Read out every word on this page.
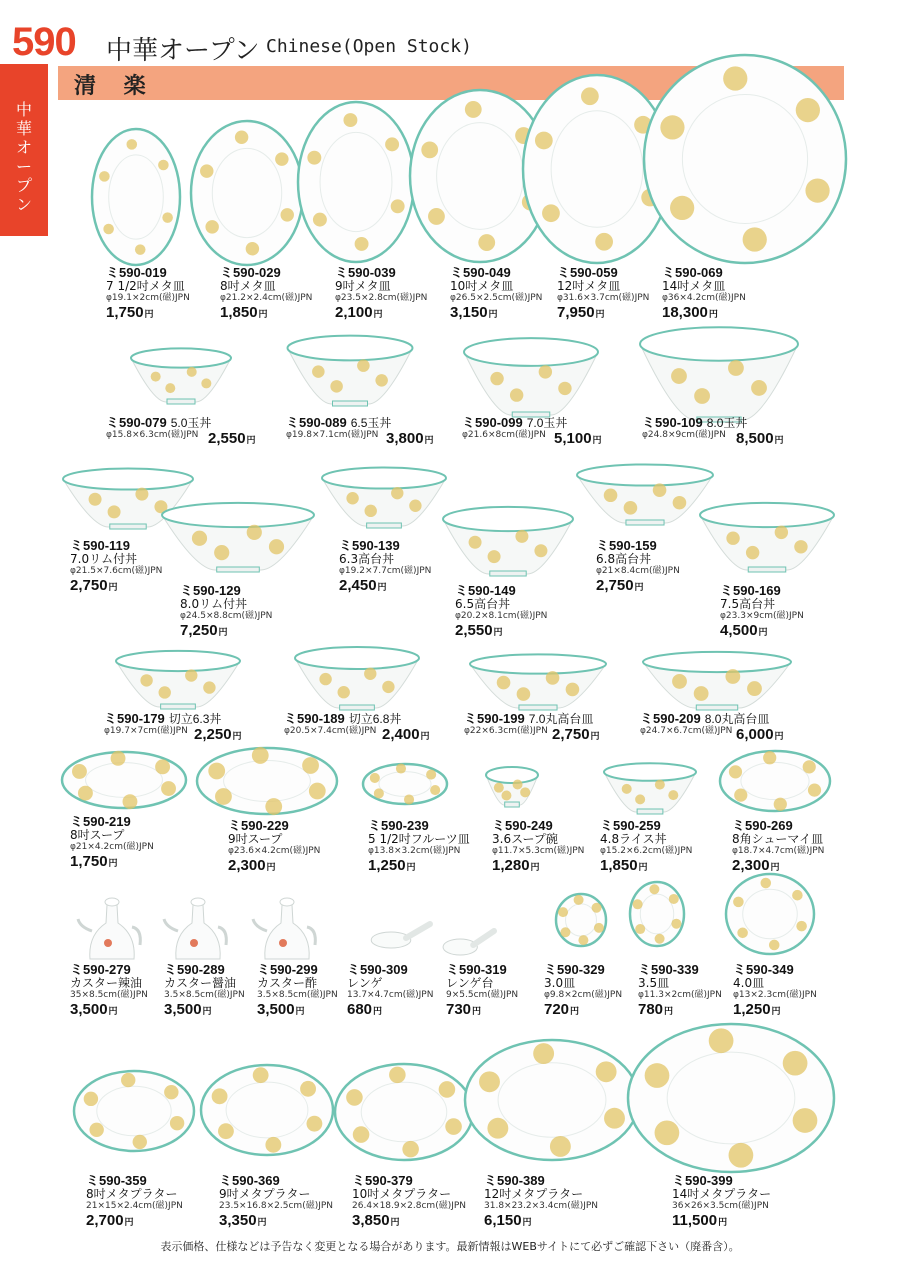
590 中華オープン Chinese(Open Stock)
中華オープン
清 楽
ミ590-019
7 1/2吋メタ皿
φ19.1×2cm(磁)JPN
1,750円
ミ590-029
8吋メタ皿
φ21.2×2.4cm(磁)JPN
1,850円
ミ590-039
9吋メタ皿
φ23.5×2.8cm(磁)JPN
2,100円
ミ590-049
10吋メタ皿
φ26.5×2.5cm(磁)JPN
3,150円
ミ590-059
12吋メタ皿
φ31.6×3.7cm(磁)JPN
7,950円
ミ590-069
14吋メタ皿
φ36×4.2cm(磁)JPN
18,300円
ミ590-079 5.0玉丼
φ15.8×6.3cm(磁)JPN 2,550円
ミ590-089 6.5玉丼
φ19.8×7.1cm(磁)JPN 3,800円
ミ590-099 7.0玉丼
φ21.6×8cm(磁)JPN 5,100円
ミ590-109 8.0玉丼
φ24.8×9cm(磁)JPN 8,500円
ミ590-119
7.0リム付丼
φ21.5×7.6cm(磁)JPN
2,750円	ミ590-129
8.0リム付丼
φ24.5×8.8cm(磁)JPN
7,250円
ミ590-139
6.3高台丼
φ19.2×7.7cm(磁)JPN
2,450円	ミ590-149
6.5高台丼
φ20.2×8.1cm(磁)JPN
2,550円
ミ590-159
6.8高台丼
φ21×8.4cm(磁)JPN
2,750円	ミ590-169
7.5高台丼
φ23.3×9cm(磁)JPN
4,500円
ミ590-179 切立6.3丼
φ19.7×7cm(磁)JPN 2,250円
ミ590-189 切立6.8丼
φ20.5×7.4cm(磁)JPN 2,400円
ミ590-199 7.0丸高台皿
φ22×6.3cm(磁)JPN 2,750円
ミ590-209 8.0丸高台皿
φ24.7×6.7cm(磁)JPN 6,000円
ミ590-219
8吋スープ
φ21×4.2cm(磁)JPN
1,750円
ミ590-229
9吋スープ
φ23.6×4.2cm(磁)JPN
2,300円
ミ590-239
5 1/2吋フルーツ皿
φ13.8×3.2cm(磁)JPN
1,250円
ミ590-249
3.6スープ碗
φ11.7×5.3cm(磁)JPN
1,280円
ミ590-259
4.8ライス丼
φ15.2×6.2cm(磁)JPN
1,850円
ミ590-269
8角シューマイ皿
φ18.7×4.7cm(磁)JPN
2,300円
ミ590-279
カスター辣油
35×8.5cm(磁)JPN
3,500円
ミ590-289
カスター醤油
3.5×8.5cm(磁)JPN
3,500円
ミ590-299
カスター酢
3.5×8.5cm(磁)JPN
3,500円
ミ590-309
レンゲ
13.7×4.7cm(磁)JPN
680円
ミ590-319
レンゲ台
9×5.5cm(磁)JPN
730円
ミ590-329
3.0皿
φ9.8×2cm(磁)JPN
720円
ミ590-339
3.5皿
φ11.3×2cm(磁)JPN
780円
ミ590-349
4.0皿
φ13×2.3cm(磁)JPN
1,250円
ミ590-359
8吋メタプラター
21×15×2.4cm(磁)JPN
2,700円
ミ590-369
9吋メタプラター
23.5×16.8×2.5cm(磁)JPN
3,350円
ミ590-379
10吋メタプラター
26.4×18.9×2.8cm(磁)JPN
3,850円
ミ590-389
12吋メタプラター
31.8×23.2×3.4cm(磁)JPN
6,150円
ミ590-399
14吋メタプラター
36×26×3.5cm(磁)JPN
11,500円
表示価格、仕様などは予告なく変更となる場合があります。最新情報はWEBサイトにて必ずご確認下さい（廃番含）。
